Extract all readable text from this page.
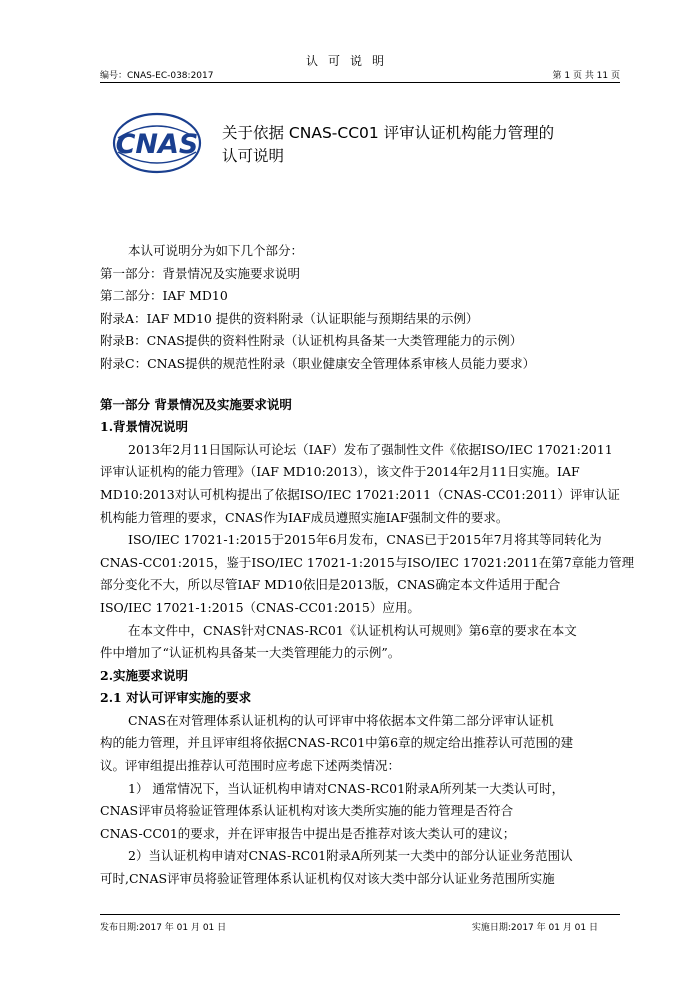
认可说明
编号：CNAS-EC-038:2017	第 1 页 共 11 页
CNAS 关于依据 CNAS-CC01 评审认证机构能力管理的
认可说明

本认可说明分为如下几个部分：

第一部分：背景情况及实施要求说明

第二部分：IAF MD10

附录A：IAF MD10 提供的资料附录（认证职能与预期结果的示例）

附录B：CNAS提供的资料性附录（认证机构具备某一大类管理能力的示例）

附录C：CNAS提供的规范性附录（职业健康安全管理体系审核人员能力要求）

第一部分 背景情况及实施要求说明

1.背景情况说明

2013年2月11日国际认可论坛（IAF）发布了强制性文件《依据ISO/IEC 17021:2011

评审认证机构的能力管理》（IAF MD10:2013），该文件于2014年2月11日实施。IAF

MD10:2013对认可机构提出了依据ISO/IEC 17021:2011（CNAS-CC01:2011）评审认证

机构能力管理的要求，CNAS作为IAF成员遵照实施IAF强制文件的要求。

ISO/IEC 17021-1:2015于2015年6月发布，CNAS已于2015年7月将其等同转化为

CNAS-CC01:2015，鉴于ISO/IEC 17021-1:2015与ISO/IEC 17021:2011在第7章能力管理

部分变化不大，所以尽管IAF MD10依旧是2013版，CNAS确定本文件适用于配合

ISO/IEC 17021-1:2015（CNAS-CC01:2015）应用。

在本文件中，CNAS针对CNAS-RC01《认证机构认可规则》第6章的要求在本文

件中增加了“认证机构具备某一大类管理能力的示例”。

2.实施要求说明

2.1 对认可评审实施的要求

CNAS在对管理体系认证机构的认可评审中将依据本文件第二部分评审认证机

构的能力管理，并且评审组将依据CNAS-RC01中第6章的规定给出推荐认可范围的建

议。评审组提出推荐认可范围时应考虑下述两类情况：

1） 通常情况下，当认证机构申请对CNAS-RC01附录A所列某一大类认可时，

CNAS评审员将验证管理体系认证机构对该大类所实施的能力管理是否符合

CNAS-CC01的要求，并在评审报告中提出是否推荐对该大类认可的建议；

2）当认证机构申请对CNAS-RC01附录A所列某一大类中的部分认证业务范围认

可时,CNAS评审员将验证管理体系认证机构仅对该大类中部分认证业务范围所实施

发布日期:2017 年 01 月 01 日	实施日期:2017 年 01 月 01 日
